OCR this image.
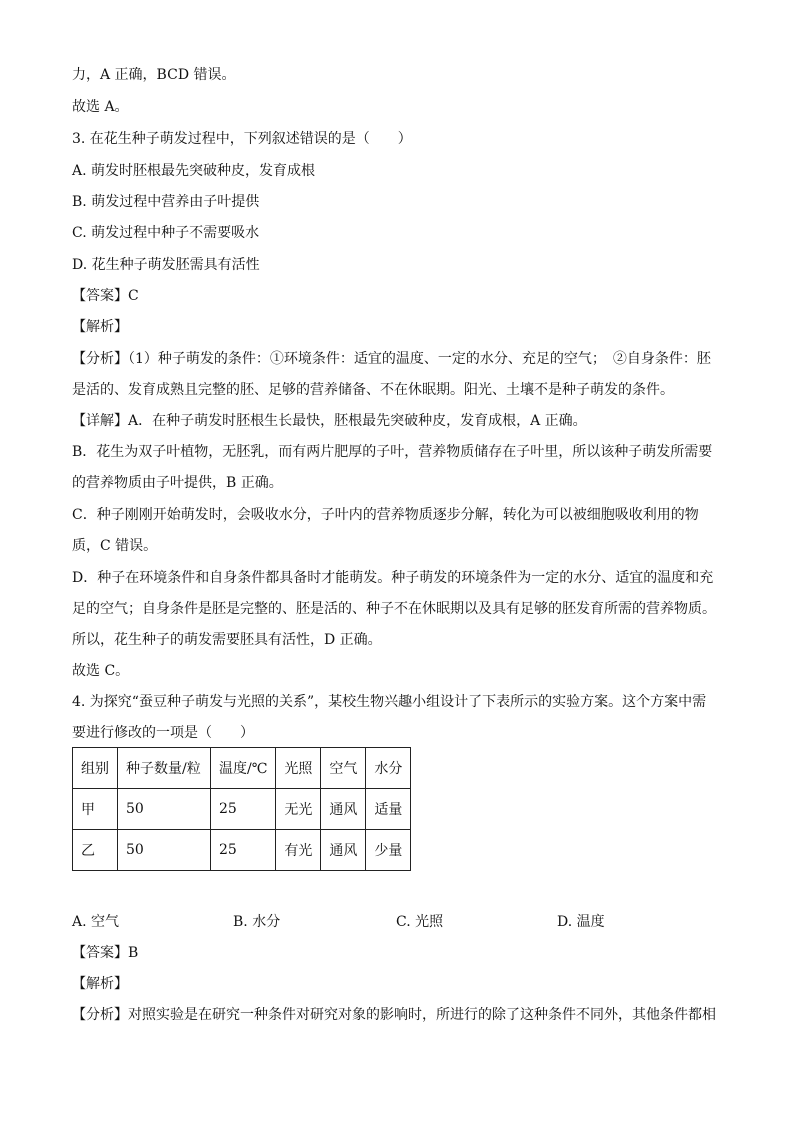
力，A 正确，BCD 错误。
故选 A。
3. 在花生种子萌发过程中，下列叙述错误的是（　　）
A. 萌发时胚根最先突破种皮，发育成根
B. 萌发过程中营养由子叶提供
C. 萌发过程中种子不需要吸水
D. 花生种子萌发胚需具有活性
【答案】C
【解析】
【分析】（1）种子萌发的条件：①环境条件：适宜的温度、一定的水分、充足的空气；　②自身条件：胚
是活的、发育成熟且完整的胚、足够的营养储备、不在休眠期。阳光、土壤不是种子萌发的条件。
【详解】A．在种子萌发时胚根生长最快，胚根最先突破种皮，发育成根，A 正确。
B．花生为双子叶植物，无胚乳，而有两片肥厚的子叶，营养物质储存在子叶里，所以该种子萌发所需要
的营养物质由子叶提供，B 正确。
C．种子刚刚开始萌发时，会吸收水分，子叶内的营养物质逐步分解，转化为可以被细胞吸收利用的物
质，C 错误。
D．种子在环境条件和自身条件都具备时才能萌发。种子萌发的环境条件为一定的水分、适宜的温度和充
足的空气；自身条件是胚是完整的、胚是活的、种子不在休眠期以及具有足够的胚发育所需的营养物质。
所以，花生种子的萌发需要胚具有活性，D 正确。
故选 C。
4. 为探究“蚕豆种子萌发与光照的关系”，某校生物兴趣小组设计了下表所示的实验方案。这个方案中需
要进行修改的一项是（　　）
组别	种子数量/粒	温度/℃	光照	空气	水分
甲	50	25	无光	通风	适量
乙	50	25	有光	通风	少量
A. 空气	B. 水分	C. 光照	D. 温度
【答案】B
【解析】
【分析】对照实验是在研究一种条件对研究对象的影响时，所进行的除了这种条件不同外，其他条件都相
